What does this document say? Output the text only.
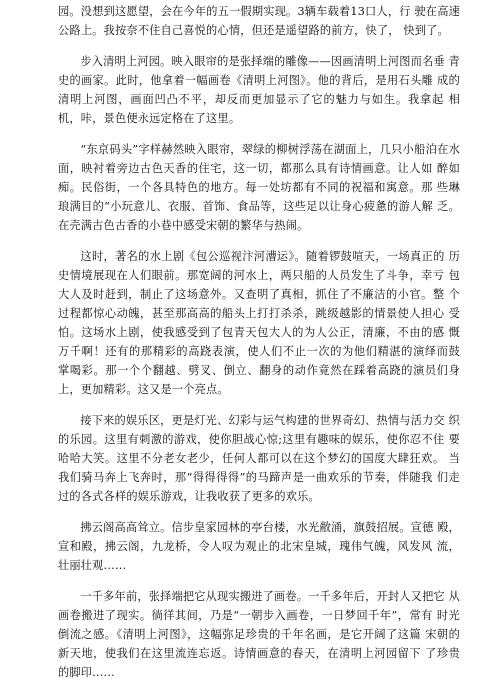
园。没想到这愿望，会在今年的五一假期实现。3辆车载着13口人，行 驶在高速公路上。我按奈不住自己喜悦的心情，但还是遥望路的前方，快了， 快到了。

步入清明上河园。映入眼帘的是张择端的雕像——因画清明上河图而名垂 青史的画家。此时，他拿着一幅画卷《清明上河图》。他的背后，是用石头雕 成的清明上河图，画面凹凸不平，却反而更加显示了它的魅力与如生。我拿起 相机，咔，景色便永远定格在了这里。

“东京码头”字样赫然映入眼帘，翠绿的柳树浮荡在湖面上，几只小船泊在水面，映衬着旁边古色天香的住宅，这一切，都那么具有诗情画意。让人如 醉如痴。民俗街，一个各具特色的地方。每一处坊都有不同的祝福和寓意。那 些琳琅满目的“小玩意儿、衣服、首饰、食品等，这些足以让身心疲惫的游人解 乏。在壳满古色古香的小巷中感受宋朝的繁华与热闹。

这时，著名的水上剧《包公巡视汴河漕运》。随着锣鼓喧天，一场真正的 历史情境展现在人们眼前。那宽阔的河水上，两只船的人员发生了斗争，幸亏 包大人及时赶到，制止了这场意外。又查明了真相，抓住了不廉洁的小官。整 个过程都惊心动魄，甚至那高高的船头上打打杀杀，跳级越影的情景使人担心 受怕。这场水上剧，使我感受到了包青天包大人的为人公正，清廉，不由的感 慨万千啊！还有的那精彩的高跷表演，使人们不止一次的为他们精湛的演绎而鼓 掌喝彩。那一个个翻越、劈叉、倒立、翻身的动作竟然在踩着高跷的演员们身 上，更加精彩。这又是一个亮点。

接下来的娱乐区，更是灯光、幻彩与运气构建的世界奇幻、热情与活力交 织的乐园。这里有刺激的游戏，使你胆战心惊;这里有趣味的娱乐，使你忍不住 要哈哈大笑。这里不分老女老少，任何人都可以在这个梦幻的国度大肆狂欢。 当我们骑马奔上飞奔时，那“得得得得”的马蹄声是一曲欢乐的节奏，伴随我 们走过的各式各样的娱乐游戏，让我收获了更多的欢乐。

拂云阁高高耸立。信步皇家园林的亭台楼，水光敝涌，旗鼓招展。宣德 殿，宣和殿，拂云阁，九龙桥，令人叹为观止的北宋皇城，瑰伟气魄，风发风 流，壮丽壮观……

一千多年前，张择端把它从现实搬进了画卷。一千多年后，开封人又把它 从画卷搬进了现实。徜徉其间，乃是“一朝步入画卷，一日梦回千年”，常有 时光倒流之感。《清明上河图》，这幅弥足珍贵的千年名画，是它开阔了这篇 宋朝的新天地，使我们在这里流连忘返。诗情画意的春天，在清明上河园留下 了珍贵的脚印……
